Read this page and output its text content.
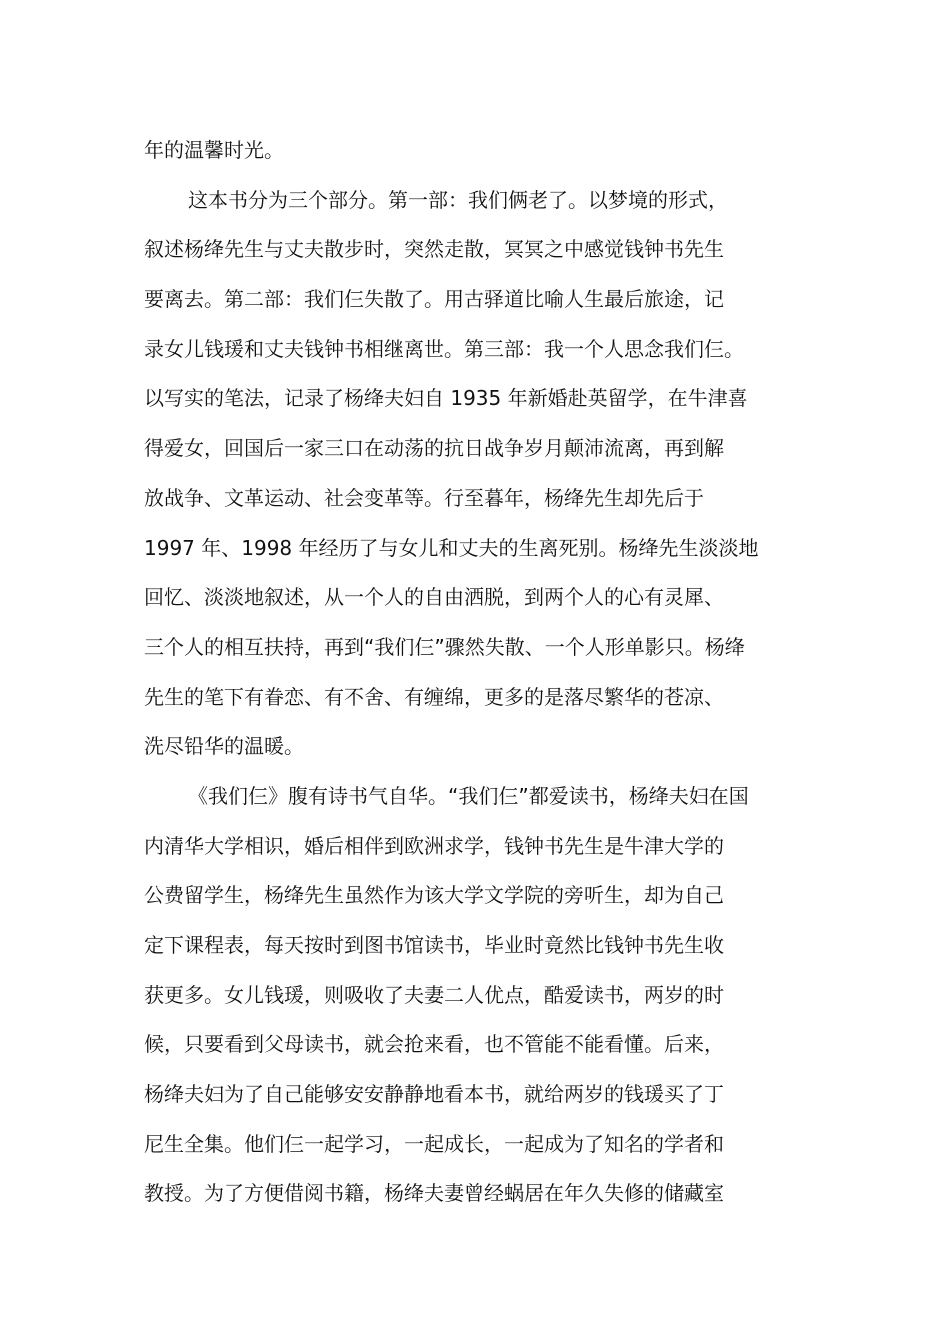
年的温馨时光。
这本书分为三个部分。第一部：我们俩老了。以梦境的形式，
叙述杨绛先生与丈夫散步时，突然走散，冥冥之中感觉钱钟书先生
要离去。第二部：我们仨失散了。用古驿道比喻人生最后旅途，记
录女儿钱瑗和丈夫钱钟书相继离世。第三部：我一个人思念我们仨。
以写实的笔法，记录了杨绛夫妇自 1935 年新婚赴英留学，在牛津喜
得爱女，回国后一家三口在动荡的抗日战争岁月颠沛流离，再到解
放战争、文革运动、社会变革等。行至暮年，杨绛先生却先后于
1997 年、1998 年经历了与女儿和丈夫的生离死别。杨绛先生淡淡地
回忆、淡淡地叙述，从一个人的自由洒脱，到两个人的心有灵犀、
三个人的相互扶持，再到“我们仨”骤然失散、一个人形单影只。杨绛
先生的笔下有眷恋、有不舍、有缠绵，更多的是落尽繁华的苍凉、
洗尽铅华的温暖。
《我们仨》腹有诗书气自华。“我们仨”都爱读书，杨绛夫妇在国
内清华大学相识，婚后相伴到欧洲求学，钱钟书先生是牛津大学的
公费留学生，杨绛先生虽然作为该大学文学院的旁听生，却为自己
定下课程表，每天按时到图书馆读书，毕业时竟然比钱钟书先生收
获更多。女儿钱瑗，则吸收了夫妻二人优点，酷爱读书，两岁的时
候，只要看到父母读书，就会抢来看，也不管能不能看懂。后来，
杨绛夫妇为了自己能够安安静静地看本书，就给两岁的钱瑗买了丁
尼生全集。他们仨一起学习，一起成长，一起成为了知名的学者和
教授。为了方便借阅书籍，杨绛夫妻曾经蜗居在年久失修的储藏室
